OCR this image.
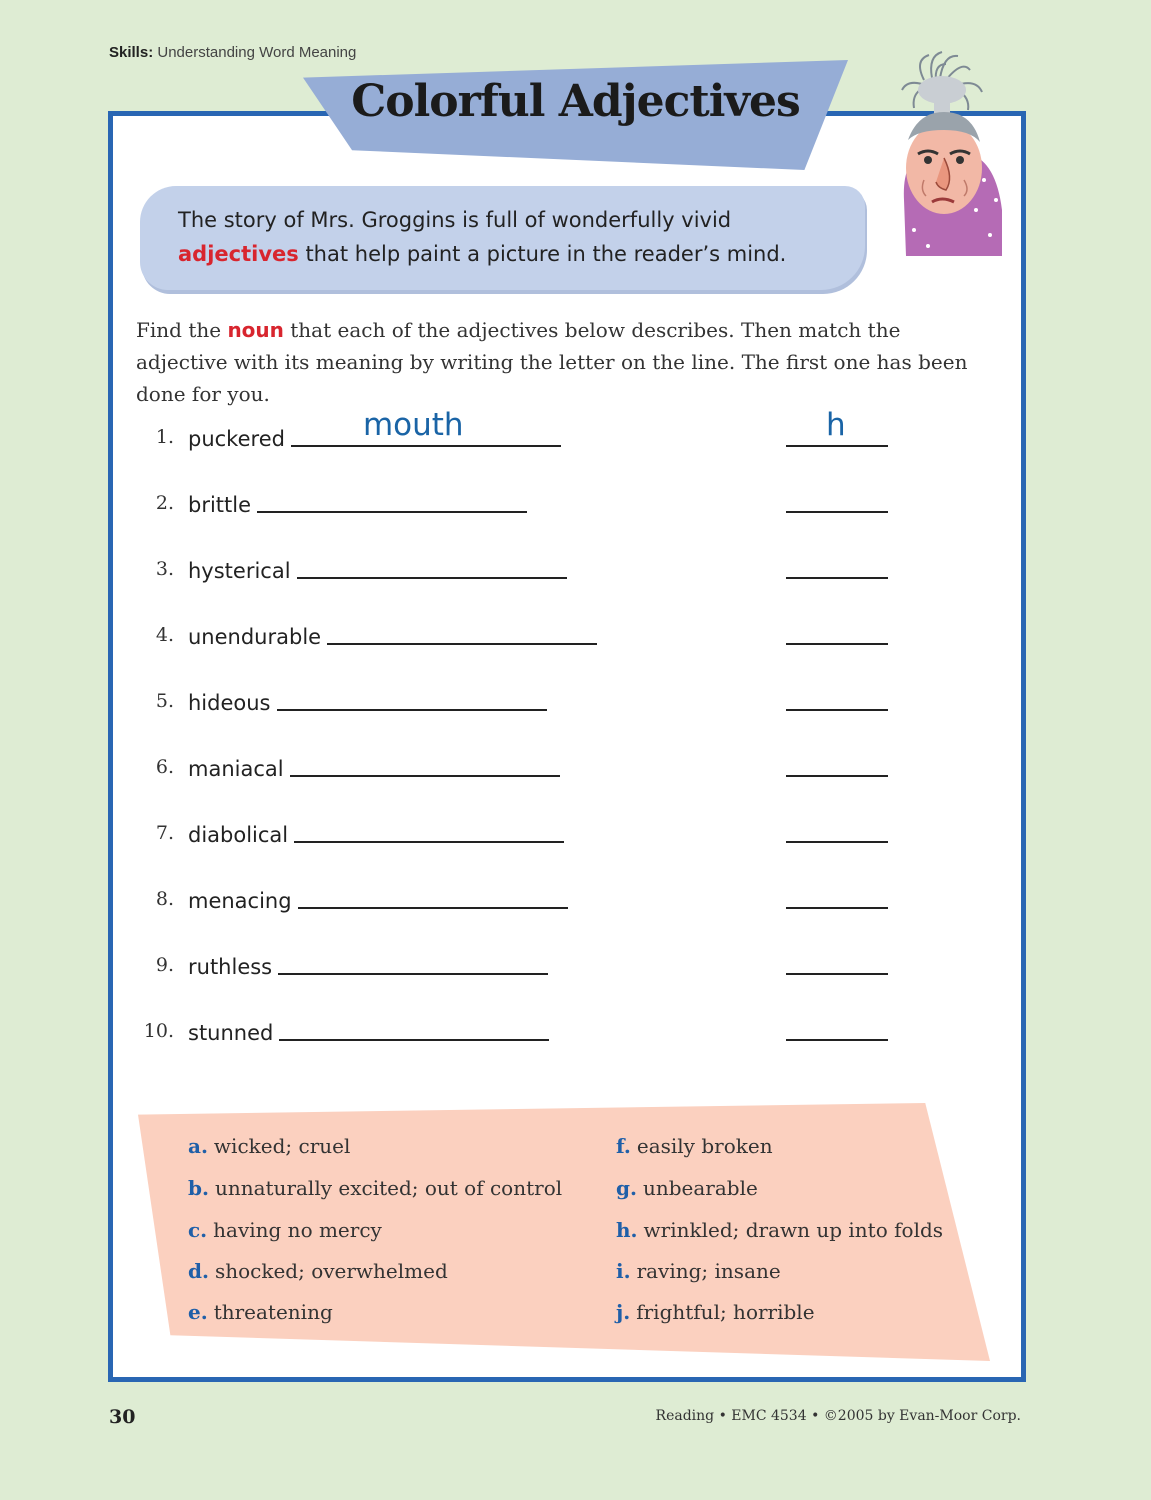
Skills: Understanding Word Meaning
Colorful Adjectives
The story of Mrs. Groggins is full of wonderfully vivid adjectives that help paint a picture in the reader’s mind.
Find the noun that each of the adjectives below describes. Then match the adjective with its meaning by writing the letter on the line. The first one has been done for you.
1. puckered	mouth	h
2. brittle
3. hysterical
4. unendurable
5. hideous
6. maniacal
7. diabolical
8. menacing
9. ruthless
10. stunned
a. wicked; cruel
b. unnaturally excited; out of control
c. having no mercy
d. shocked; overwhelmed
e. threatening
f. easily broken
g. unbearable
h. wrinkled; drawn up into folds
i. raving; insane
j. frightful; horrible
30	Reading • EMC 4534 • ©2005 by Evan-Moor Corp.
